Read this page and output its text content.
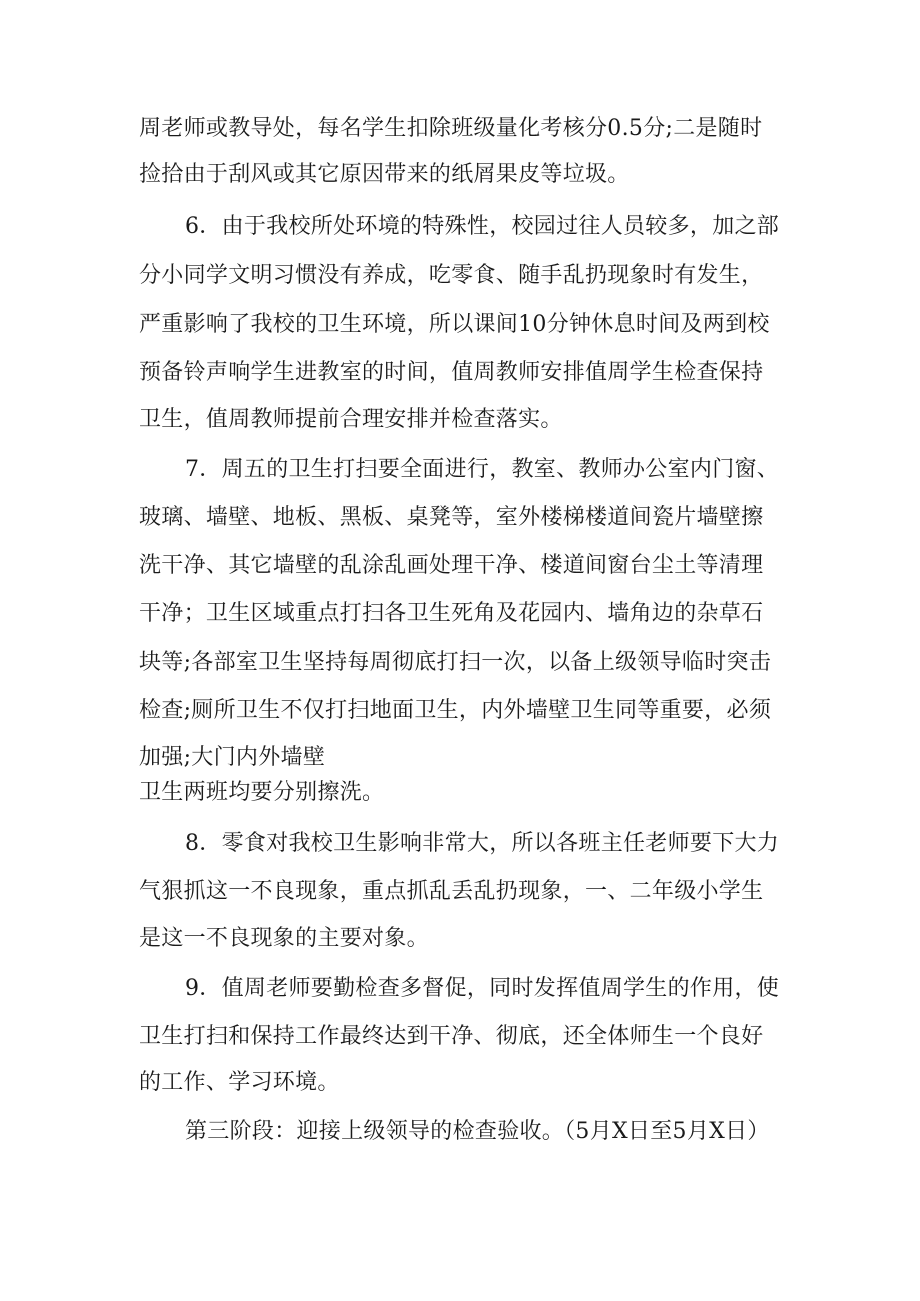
周老师或教导处，每名学生扣除班级量化考核分0.5分;二是随时
捡拾由于刮风或其它原因带来的纸屑果皮等垃圾。
6．由于我校所处环境的特殊性，校园过往人员较多，加之部
分小同学文明习惯没有养成，吃零食、随手乱扔现象时有发生，
严重影响了我校的卫生环境，所以课间10分钟休息时间及两到校
预备铃声响学生进教室的时间，值周教师安排值周学生检查保持
卫生，值周教师提前合理安排并检查落实。
7．周五的卫生打扫要全面进行，教室、教师办公室内门窗、
玻璃、墙壁、地板、黑板、桌凳等，室外楼梯楼道间瓷片墙壁擦
洗干净、其它墙壁的乱涂乱画处理干净、楼道间窗台尘土等清理
干净；卫生区域重点打扫各卫生死角及花园内、墙角边的杂草石
块等;各部室卫生坚持每周彻底打扫一次，以备上级领导临时突击
检查;厕所卫生不仅打扫地面卫生，内外墙壁卫生同等重要，必须
加强;大门内外墙壁
卫生两班均要分别擦洗。
8．零食对我校卫生影响非常大，所以各班主任老师要下大力
气狠抓这一不良现象，重点抓乱丢乱扔现象，一、二年级小学生
是这一不良现象的主要对象。
9．值周老师要勤检查多督促，同时发挥值周学生的作用，使
卫生打扫和保持工作最终达到干净、彻底，还全体师生一个良好
的工作、学习环境。
第三阶段：迎接上级领导的检查验收。（5月X日至5月X日）
